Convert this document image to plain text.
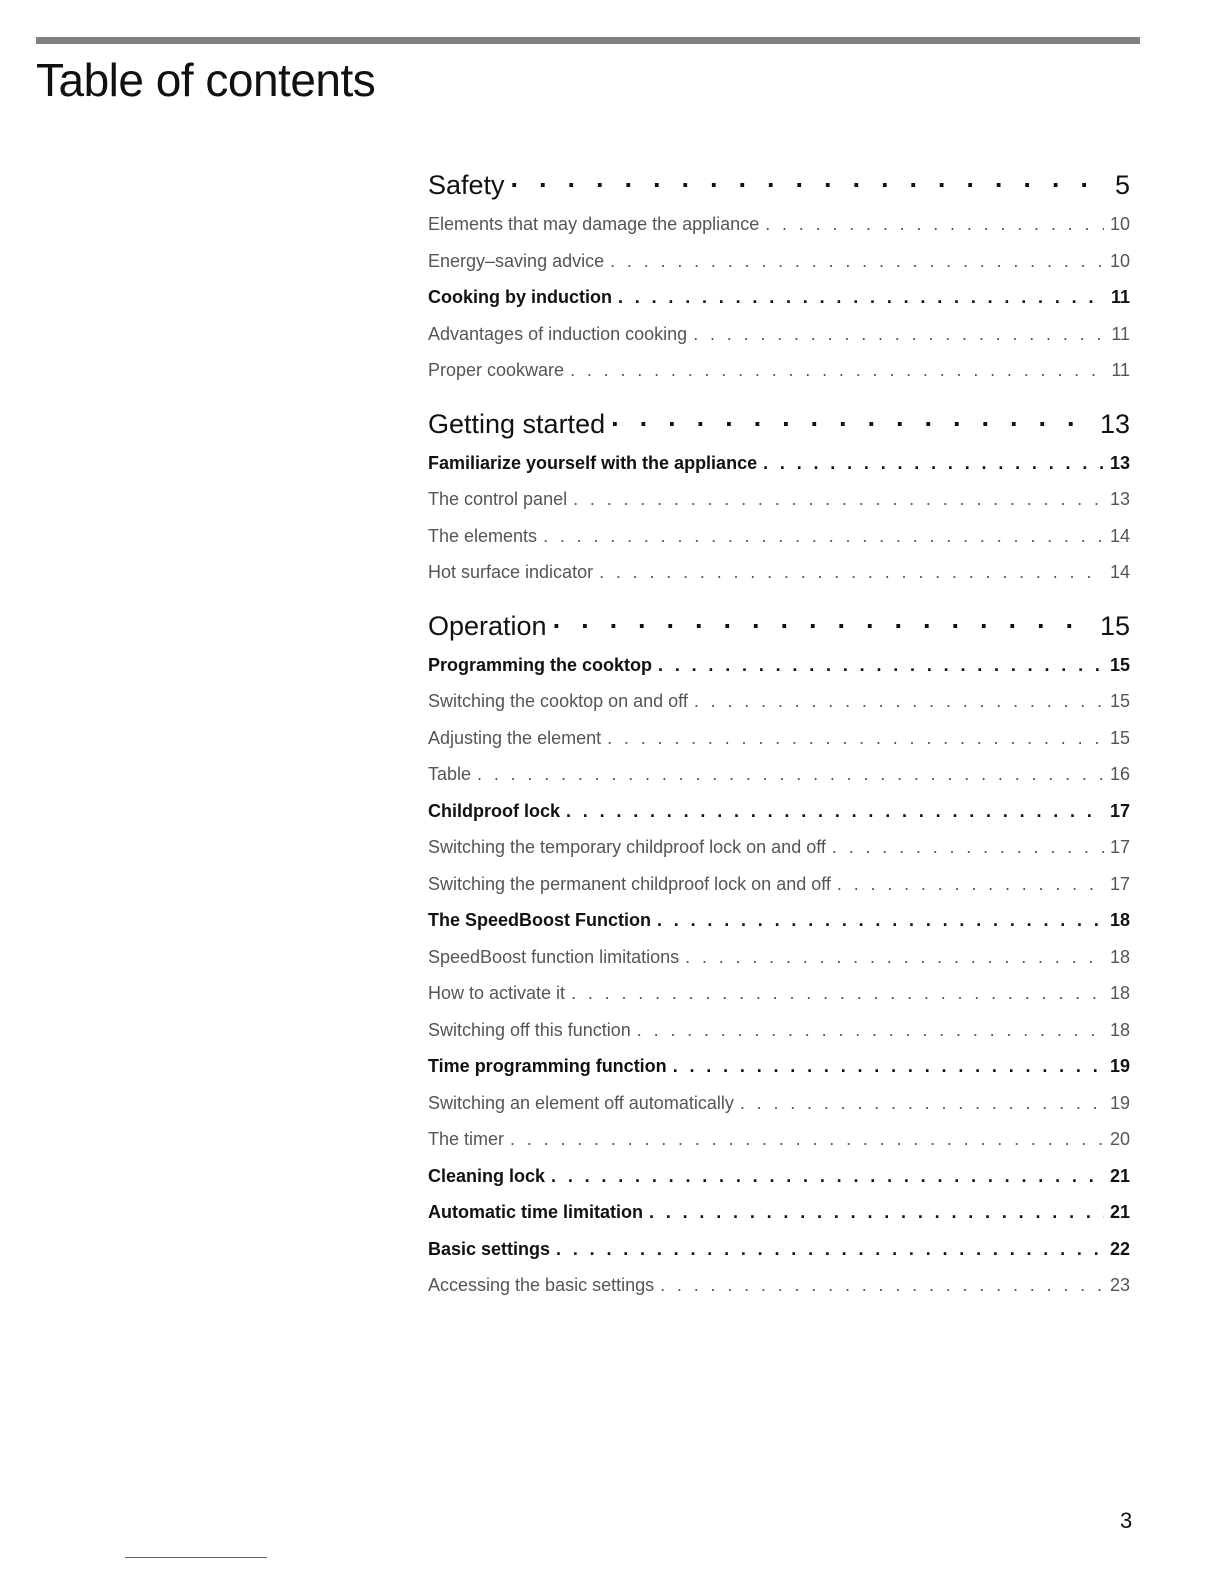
Table of contents
Safety · · ·	5
Elements that may damage the appliance . . .	10
Energy–saving advice . . .	10
Cooking by induction . . .	11
Advantages of induction cooking . . .	11
Proper cookware . . .	11
Getting started · · ·	13
Familiarize yourself with the appliance . . .	13
The control panel . . .	13
The elements . . .	14
Hot surface indicator . . .	14
Operation · · ·	15
Programming the cooktop . . .	15
Switching the cooktop on and off . . .	15
Adjusting the element . . .	15
Table . . .	16
Childproof lock . . .	17
Switching the temporary childproof lock on and off . . .	17
Switching the permanent childproof lock on and off . . .	17
The SpeedBoost Function . . .	18
SpeedBoost function limitations . . .	18
How to activate it . . .	18
Switching off this function . . .	18
Time programming function . . .	19
Switching an element off automatically . . .	19
The timer . . .	20
Cleaning lock . . .	21
Automatic time limitation . . .	21
Basic settings . . .	22
Accessing the basic settings . . .	23
3
